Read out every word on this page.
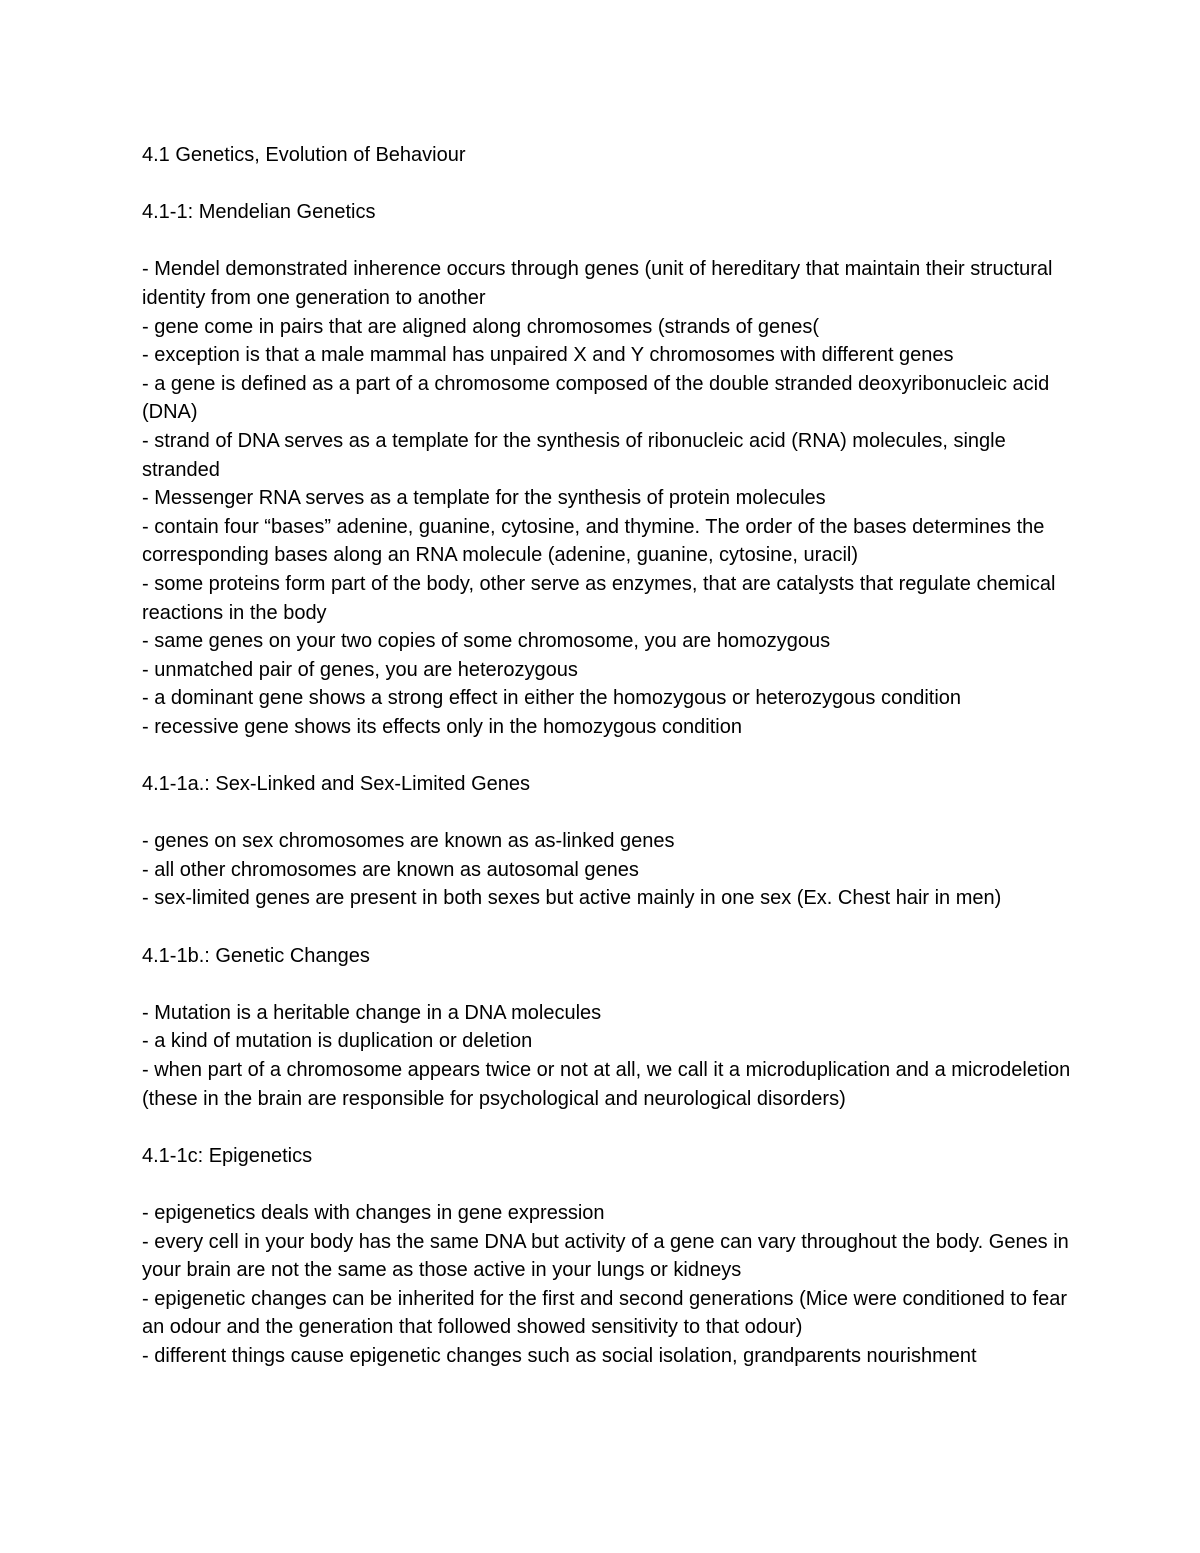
4.1 Genetics, Evolution of Behaviour

4.1-1: Mendelian Genetics

- Mendel demonstrated inherence occurs through genes (unit of hereditary that maintain their structural identity from one generation to another
- gene come in pairs that are aligned along chromosomes (strands of genes(
- exception is that a male mammal has unpaired X and Y chromosomes with different genes
- a gene is defined as a part of a chromosome composed of the double stranded deoxyribonucleic acid (DNA)
- strand of DNA serves as a template for the synthesis of ribonucleic acid (RNA) molecules, single stranded
- Messenger RNA serves as a template for the synthesis of protein molecules
- contain four “bases” adenine, guanine, cytosine, and thymine. The order of the bases determines the corresponding bases along an RNA molecule (adenine, guanine, cytosine, uracil)
- some proteins form part of the body, other serve as enzymes, that are catalysts that regulate chemical reactions in the body
- same genes on your two copies of some chromosome, you are homozygous
- unmatched pair of genes, you are heterozygous
- a dominant gene shows a strong effect in either the homozygous or heterozygous condition
- recessive gene shows its effects only in the homozygous condition

4.1-1a.: Sex-Linked and Sex-Limited Genes

- genes on sex chromosomes are known as as-linked genes
- all other chromosomes are known as autosomal genes
- sex-limited genes are present in both sexes but active mainly in one sex (Ex. Chest hair in men)

4.1-1b.: Genetic Changes

- Mutation is a heritable change in a DNA molecules
- a kind of mutation is duplication or deletion
- when part of a chromosome appears twice or not at all, we call it a microduplication and a microdeletion (these in the brain are responsible for psychological and neurological disorders)

4.1-1c: Epigenetics

- epigenetics deals with changes in gene expression
- every cell in your body has the same DNA but activity of a gene can vary throughout the body. Genes in your brain are not the same as those active in your lungs or kidneys
- epigenetic changes can be inherited for the first and second generations (Mice were conditioned to fear an odour and the generation that followed showed sensitivity to that odour)
- different things cause epigenetic changes such as social isolation, grandparents nourishment
